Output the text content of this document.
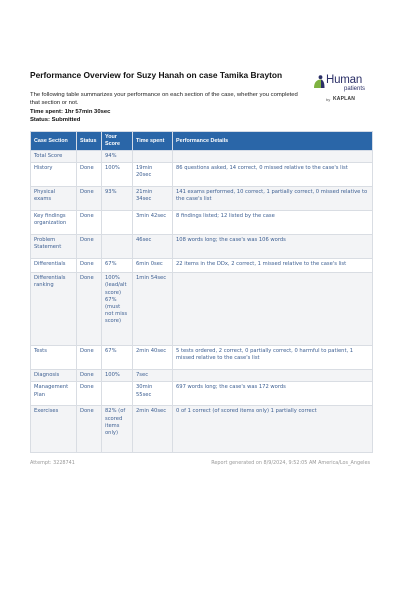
Performance Overview for Suzy Hanah on case Tamika Brayton	Human
patients
by KAPLAN
The following table summarizes your performance on each section of the case, whether you completed that section or not.
Time spent: 1hr 57min 30sec
Status: Submitted
Case Section	Status	Your Score	Time spent	Performance Details
Total Score		94%		
History	Done	100%	19min 20sec	86 questions asked, 14 correct, 0 missed relative to the case's list
Physical exams	Done	93%	21min 34sec	141 exams performed, 10 correct, 1 partially correct, 0 missed relative to the case's list
Key findings organization	Done		3min 42sec	8 findings listed; 12 listed by the case
Problem Statement	Done		46sec	108 words long; the case's was 106 words
Differentials	Done	67%	6min 0sec	22 items in the DDx, 2 correct, 1 missed relative to the case's list
Differentials ranking	Done	100% (lead/alt score) 67% (must not miss score)	1min 54sec	
Tests	Done	67%	2min 40sec	5 tests ordered, 2 correct, 0 partially correct, 0 harmful to patient, 1 missed relative to the case's list
Diagnosis	Done	100%	7sec	
Management Plan	Done		30min 55sec	697 words long; the case's was 172 words
Exercises	Done	82% (of scored items only)	2min 40sec	0 of 1 correct (of scored items only) 1 partially correct
Attempt: 3228741	Report generated on 8/9/2024, 9:52:05 AM America/Los_Angeles
